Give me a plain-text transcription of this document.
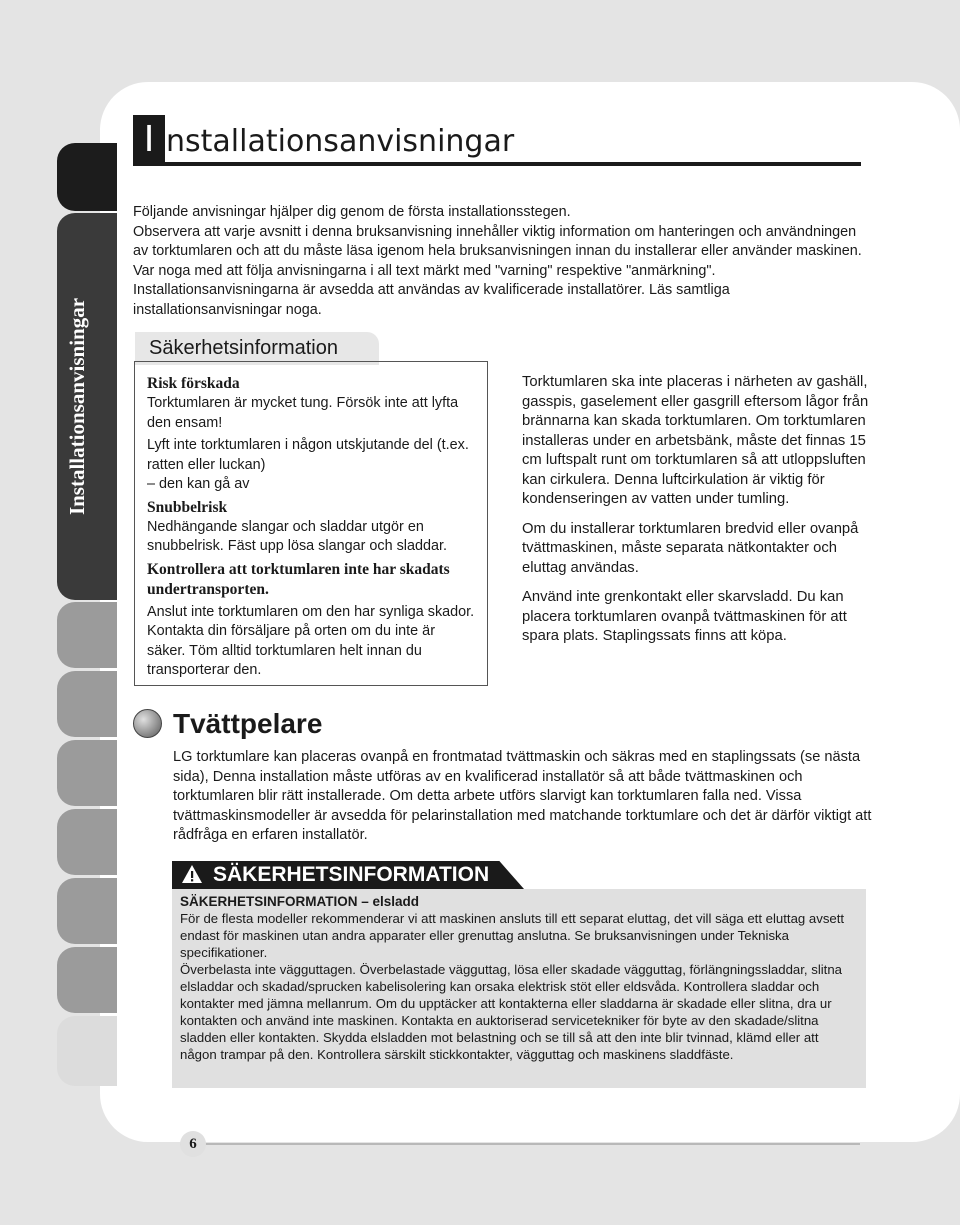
Installationsanvisningar
I nstallationsanvisningar

Följande anvisningar hjälper dig genom de första installationsstegen.

Observera att varje avsnitt i denna bruksanvisning innehåller viktig information om hanteringen och användningen av torktumlaren och att du måste läsa igenom hela bruksanvisningen innan du installerar eller använder maskinen. Var noga med att följa anvisningarna i all text märkt med "varning" respektive "anmärkning". Installationsanvisningarna är avsedda att användas av kvalificerade installatörer. Läs samtliga installationsanvisningar noga.

Säkerhetsinformation
Risk förskada

Torktumlaren är mycket tung. Försök inte att lyfta den ensam!

Lyft inte torktumlaren i någon utskjutande del (t.ex. ratten eller luckan)

– den kan gå av

Snubbelrisk

Nedhängande slangar och sladdar utgör en snubbelrisk. Fäst upp lösa slangar och sladdar.

Kontrollera att torktumlaren inte har skadats undertransporten.

Anslut inte torktumlaren om den har synliga skador. Kontakta din försäljare på orten om du inte är säker. Töm alltid torktumlaren helt innan du transporterar den.

Torktumlaren ska inte placeras i närheten av gashäll, gasspis, gaselement eller gasgrill eftersom lågor från brännarna kan skada torktumlaren. Om torktumlaren installeras under en arbetsbänk, måste det finnas 15 cm luftspalt runt om torktumlaren så att utloppsluften kan cirkulera. Denna luftcirkulation är viktig för kondenseringen av vatten under tumling.

Om du installerar torktumlaren bredvid eller ovanpå tvättmaskinen, måste separata nätkontakter och eluttag användas.

Använd inte grenkontakt eller skarvsladd. Du kan placera torktumlaren ovanpå tvättmaskinen för att spara plats. Staplingssats finns att köpa.

Tvättpelare
LG torktumlare kan placeras ovanpå en frontmatad tvättmaskin och säkras med en staplingssats (se nästa sida), Denna installation måste utföras av en kvalificerad installatör så att både tvättmaskinen och torktumlaren blir rätt installerade. Om detta arbete utförs slarvigt kan torktumlaren falla ned. Vissa tvättmaskinsmodeller är avsedda för pelarinstallation med matchande torktumlare och det är därför viktigt att rådfråga en erfaren installatör.
SÄKERHETSINFORMATION
SÄKERHETSINFORMATION – elsladd

För de flesta modeller rekommenderar vi att maskinen ansluts till ett separat eluttag, det vill säga ett eluttag avsett endast för maskinen utan andra apparater eller grenuttag anslutna. Se bruksanvisningen under Tekniska specifikationer.

Överbelasta inte vägguttagen. Överbelastade vägguttag, lösa eller skadade vägguttag, förlängningssladdar, slitna elsladdar och skadad/sprucken kabelisolering kan orsaka elektrisk stöt eller eldsvåda. Kontrollera sladdar och kontakter med jämna mellanrum. Om du upptäcker att kontakterna eller sladdarna är skadade eller slitna, dra ur kontakten och använd inte maskinen. Kontakta en auktoriserad servicetekniker för byte av den skadade/slitna sladden eller kontakten. Skydda elsladden mot belastning och se till så att den inte blir tvinnad, klämd eller att någon trampar på den. Kontrollera särskilt stickkontakter, vägguttag och maskinens sladdfäste.

6
